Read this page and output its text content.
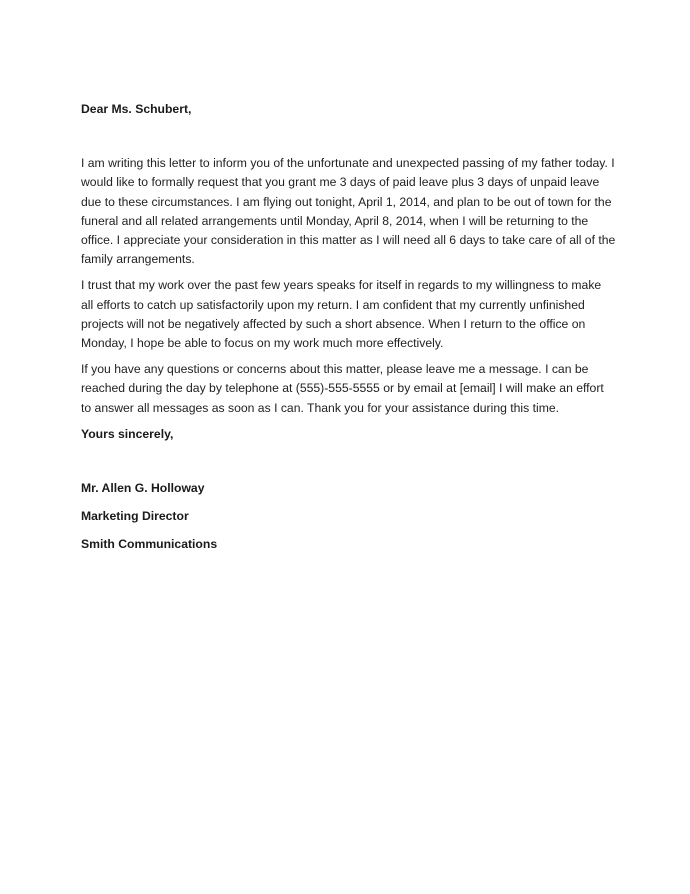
Dear Ms. Schubert,

I am writing this letter to inform you of the unfortunate and unexpected passing of my father today. I would like to formally request that you grant me 3 days of paid leave plus 3 days of unpaid leave due to these circumstances. I am flying out tonight, April 1, 2014, and plan to be out of town for the funeral and all related arrangements until Monday, April 8, 2014, when I will be returning to the office. I appreciate your consideration in this matter as I will need all 6 days to take care of all of the family arrangements.

I trust that my work over the past few years speaks for itself in regards to my willingness to make all efforts to catch up satisfactorily upon my return. I am confident that my currently unfinished projects will not be negatively affected by such a short absence. When I return to the office on Monday, I hope be able to focus on my work much more effectively.

If you have any questions or concerns about this matter, please leave me a message. I can be reached during the day by telephone at (555)-555-5555 or by email at [email] I will make an effort to answer all messages as soon as I can. Thank you for your assistance during this time.

Yours sincerely,

Mr. Allen G. Holloway

Marketing Director

Smith Communications
